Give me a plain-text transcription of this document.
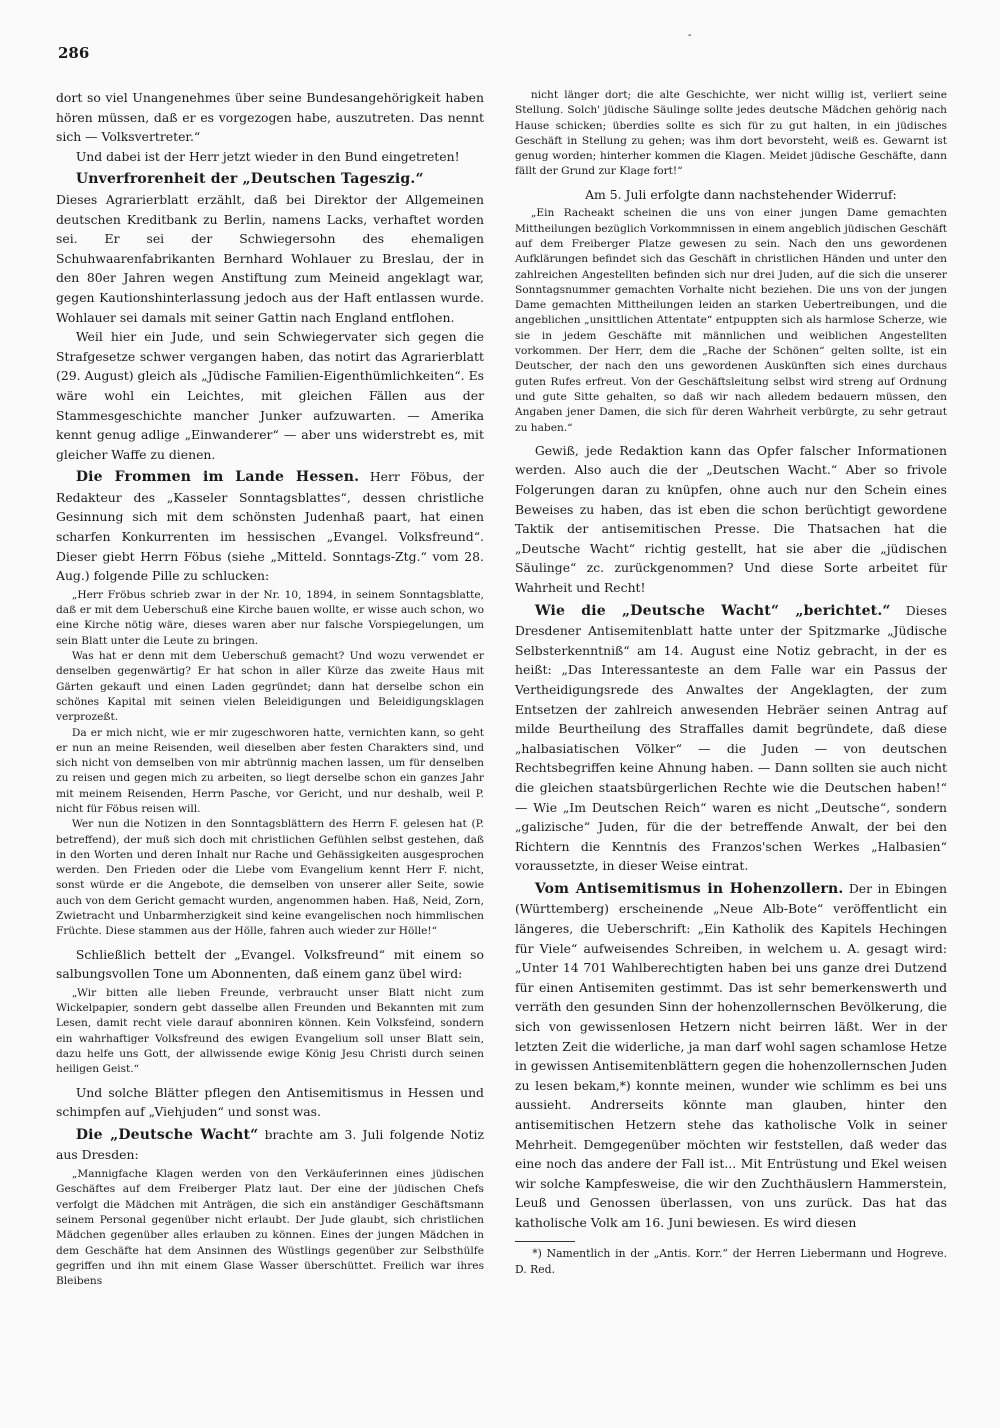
286
-

dort so viel Unangenehmes über seine Bundesangehörigkeit haben hören müssen, daß er es vorgezogen habe, auszutreten. Das nennt sich — Volksvertreter.“

Und dabei ist der Herr jetzt wieder in den Bund eingetreten!

Unverfrorenheit der „Deutschen Tageszig.“

Dieses Agrarierblatt erzählt, daß bei Direktor der Allgemeinen deutschen Kreditbank zu Berlin, namens Lacks, verhaftet worden sei. Er sei der Schwiegersohn des ehemaligen Schuhwaarenfabrikanten Bernhard Wohlauer zu Breslau, der in den 80er Jahren wegen Anstiftung zum Meineid angeklagt war, gegen Kautionshinterlassung jedoch aus der Haft entlassen wurde. Wohlauer sei damals mit seiner Gattin nach England entflohen.

Weil hier ein Jude, und sein Schwiegervater sich gegen die Strafgesetze schwer vergangen haben, das notirt das Agrarierblatt (29. August) gleich als „Jüdische Familien-Eigenthümlichkeiten“. Es wäre wohl ein Leichtes, mit gleichen Fällen aus der Stammesgeschichte mancher Junker aufzuwarten. — Amerika kennt genug adlige „Einwanderer“ — aber uns widerstrebt es, mit gleicher Waffe zu dienen.

Die Frommen im Lande Hessen. Herr Föbus, der Redakteur des „Kasseler Sonntagsblattes“, dessen christliche Gesinnung sich mit dem schönsten Judenhaß paart, hat einen scharfen Konkurrenten im hessischen „Evangel. Volksfreund“. Dieser giebt Herrn Föbus (siehe „Mitteld. Sonntags-Ztg.“ vom 28. Aug.) folgende Pille zu schlucken:

„Herr Fröbus schrieb zwar in der Nr. 10, 1894, in seinem Sonntagsblatte, daß er mit dem Ueberschuß eine Kirche bauen wollte, er wisse auch schon, wo eine Kirche nötig wäre, dieses waren aber nur falsche Vorspiegelungen, um sein Blatt unter die Leute zu bringen.

Was hat er denn mit dem Ueberschuß gemacht? Und wozu verwendet er denselben gegenwärtig? Er hat schon in aller Kürze das zweite Haus mit Gärten gekauft und einen Laden gegründet; dann hat derselbe schon ein schönes Kapital mit seinen vielen Beleidigungen und Beleidigungsklagen verprozeßt.

Da er mich nicht, wie er mir zugeschworen hatte, vernichten kann, so geht er nun an meine Reisenden, weil dieselben aber festen Charakters sind, und sich nicht von demselben von mir abtrünnig machen lassen, um für denselben zu reisen und gegen mich zu arbeiten, so liegt derselbe schon ein ganzes Jahr mit meinem Reisenden, Herrn Pasche, vor Gericht, und nur deshalb, weil P. nicht für Föbus reisen will.

Wer nun die Notizen in den Sonntagsblättern des Herrn F. gelesen hat (P. betreffend), der muß sich doch mit christlichen Gefühlen selbst gestehen, daß in den Worten und deren Inhalt nur Rache und Gehässigkeiten ausgesprochen werden. Den Frieden oder die Liebe vom Evangelium kennt Herr F. nicht, sonst würde er die Angebote, die demselben von unserer aller Seite, sowie auch von dem Gericht gemacht wurden, angenommen haben. Haß, Neid, Zorn, Zwietracht und Unbarmherzigkeit sind keine evangelischen noch himmlischen Früchte. Diese stammen aus der Hölle, fahren auch wieder zur Hölle!“

Schließlich bettelt der „Evangel. Volksfreund“ mit einem so salbungsvollen Tone um Abonnenten, daß einem ganz übel wird:

„Wir bitten alle lieben Freunde, verbraucht unser Blatt nicht zum Wickelpapier, sondern gebt dasselbe allen Freunden und Bekannten mit zum Lesen, damit recht viele darauf abonniren können. Kein Volksfeind, sondern ein wahrhaftiger Volksfreund des ewigen Evangelium soll unser Blatt sein, dazu helfe uns Gott, der allwissende ewige König Jesu Christi durch seinen heiligen Geist.“

Und solche Blätter pflegen den Antisemitismus in Hessen und schimpfen auf „Viehjuden“ und sonst was.

Die „Deutsche Wacht“ brachte am 3. Juli folgende Notiz aus Dresden:

„Mannigfache Klagen werden von den Verkäuferinnen eines jüdischen Geschäftes auf dem Freiberger Platz laut. Der eine der jüdischen Chefs verfolgt die Mädchen mit Anträgen, die sich ein anständiger Geschäftsmann seinem Personal gegenüber nicht erlaubt. Der Jude glaubt, sich christlichen Mädchen gegenüber alles erlauben zu können. Eines der jungen Mädchen in dem Geschäfte hat dem Ansinnen des Wüstlings gegenüber zur Selbsthülfe gegriffen und ihn mit einem Glase Wasser überschüttet. Freilich war ihres Bleibens

nicht länger dort; die alte Geschichte, wer nicht willig ist, verliert seine Stellung. Solch' jüdische Säulinge sollte jedes deutsche Mädchen gehörig nach Hause schicken; überdies sollte es sich für zu gut halten, in ein jüdisches Geschäft in Stellung zu gehen; was ihm dort bevorsteht, weiß es. Gewarnt ist genug worden; hinterher kommen die Klagen. Meidet jüdische Geschäfte, dann fällt der Grund zur Klage fort!“

Am 5. Juli erfolgte dann nachstehender Widerruf:

„Ein Racheakt scheinen die uns von einer jungen Dame gemachten Mittheilungen bezüglich Vorkommnissen in einem angeblich jüdischen Geschäft auf dem Freiberger Platze gewesen zu sein. Nach den uns gewordenen Aufklärungen befindet sich das Geschäft in christlichen Händen und unter den zahlreichen Angestellten befinden sich nur drei Juden, auf die sich die unserer Sonntagsnummer gemachten Vorhalte nicht beziehen. Die uns von der jungen Dame gemachten Mittheilungen leiden an starken Uebertreibungen, und die angeblichen „unsittlichen Attentate“ entpuppten sich als harmlose Scherze, wie sie in jedem Geschäfte mit männlichen und weiblichen Angestellten vorkommen. Der Herr, dem die „Rache der Schönen“ gelten sollte, ist ein Deutscher, der nach den uns gewordenen Auskünften sich eines durchaus guten Rufes erfreut. Von der Geschäftsleitung selbst wird streng auf Ordnung und gute Sitte gehalten, so daß wir nach alledem bedauern müssen, den Angaben jener Damen, die sich für deren Wahrheit verbürgte, zu sehr getraut zu haben.“

Gewiß, jede Redaktion kann das Opfer falscher Informationen werden. Also auch die der „Deutschen Wacht.“ Aber so frivole Folgerungen daran zu knüpfen, ohne auch nur den Schein eines Beweises zu haben, das ist eben die schon berüchtigt gewordene Taktik der antisemitischen Presse. Die Thatsachen hat die „Deutsche Wacht“ richtig gestellt, hat sie aber die „jüdischen Säulinge“ zc. zurückgenommen? Und diese Sorte arbeitet für Wahrheit und Recht!

Wie die „Deutsche Wacht“ „berichtet.“ Dieses Dresdener Antisemitenblatt hatte unter der Spitzmarke „Jüdische Selbsterkenntniß“ am 14. August eine Notiz gebracht, in der es heißt: „Das Interessanteste an dem Falle war ein Passus der Vertheidigungsrede des Anwaltes der Angeklagten, der zum Entsetzen der zahlreich anwesenden Hebräer seinen Antrag auf milde Beurtheilung des Straffalles damit begründete, daß diese „halbasiatischen Völker“ — die Juden — von deutschen Rechtsbegriffen keine Ahnung haben. — Dann sollten sie auch nicht die gleichen staatsbürgerlichen Rechte wie die Deutschen haben!“ — Wie „Im Deutschen Reich“ waren es nicht „Deutsche“, sondern „galizische“ Juden, für die der betreffende Anwalt, der bei den Richtern die Kenntnis des Franzos'schen Werkes „Halbasien“ voraussetzte, in dieser Weise eintrat.

Vom Antisemitismus in Hohenzollern. Der in Ebingen (Württemberg) erscheinende „Neue Alb-Bote“ veröffentlicht ein längeres, die Ueberschrift: „Ein Katholik des Kapitels Hechingen für Viele“ aufweisendes Schreiben, in welchem u. A. gesagt wird: „Unter 14 701 Wahlberechtigten haben bei uns ganze drei Dutzend für einen Antisemiten gestimmt. Das ist sehr bemerkenswerth und verräth den gesunden Sinn der hohenzollernschen Bevölkerung, die sich von gewissenlosen Hetzern nicht beirren läßt. Wer in der letzten Zeit die widerliche, ja man darf wohl sagen schamlose Hetze in gewissen Antisemitenblättern gegen die hohenzollernschen Juden zu lesen bekam,*) konnte meinen, wunder wie schlimm es bei uns aussieht. Andrerseits könnte man glauben, hinter den antisemitischen Hetzern stehe das katholische Volk in seiner Mehrheit. Demgegenüber möchten wir feststellen, daß weder das eine noch das andere der Fall ist... Mit Entrüstung und Ekel weisen wir solche Kampfesweise, die wir den Zuchthäuslern Hammerstein, Leuß und Genossen überlassen, von uns zurück. Das hat das katholische Volk am 16. Juni bewiesen. Es wird diesen

*) Namentlich in der „Antis. Korr.“ der Herren Liebermann und Hogreve. D. Red.
